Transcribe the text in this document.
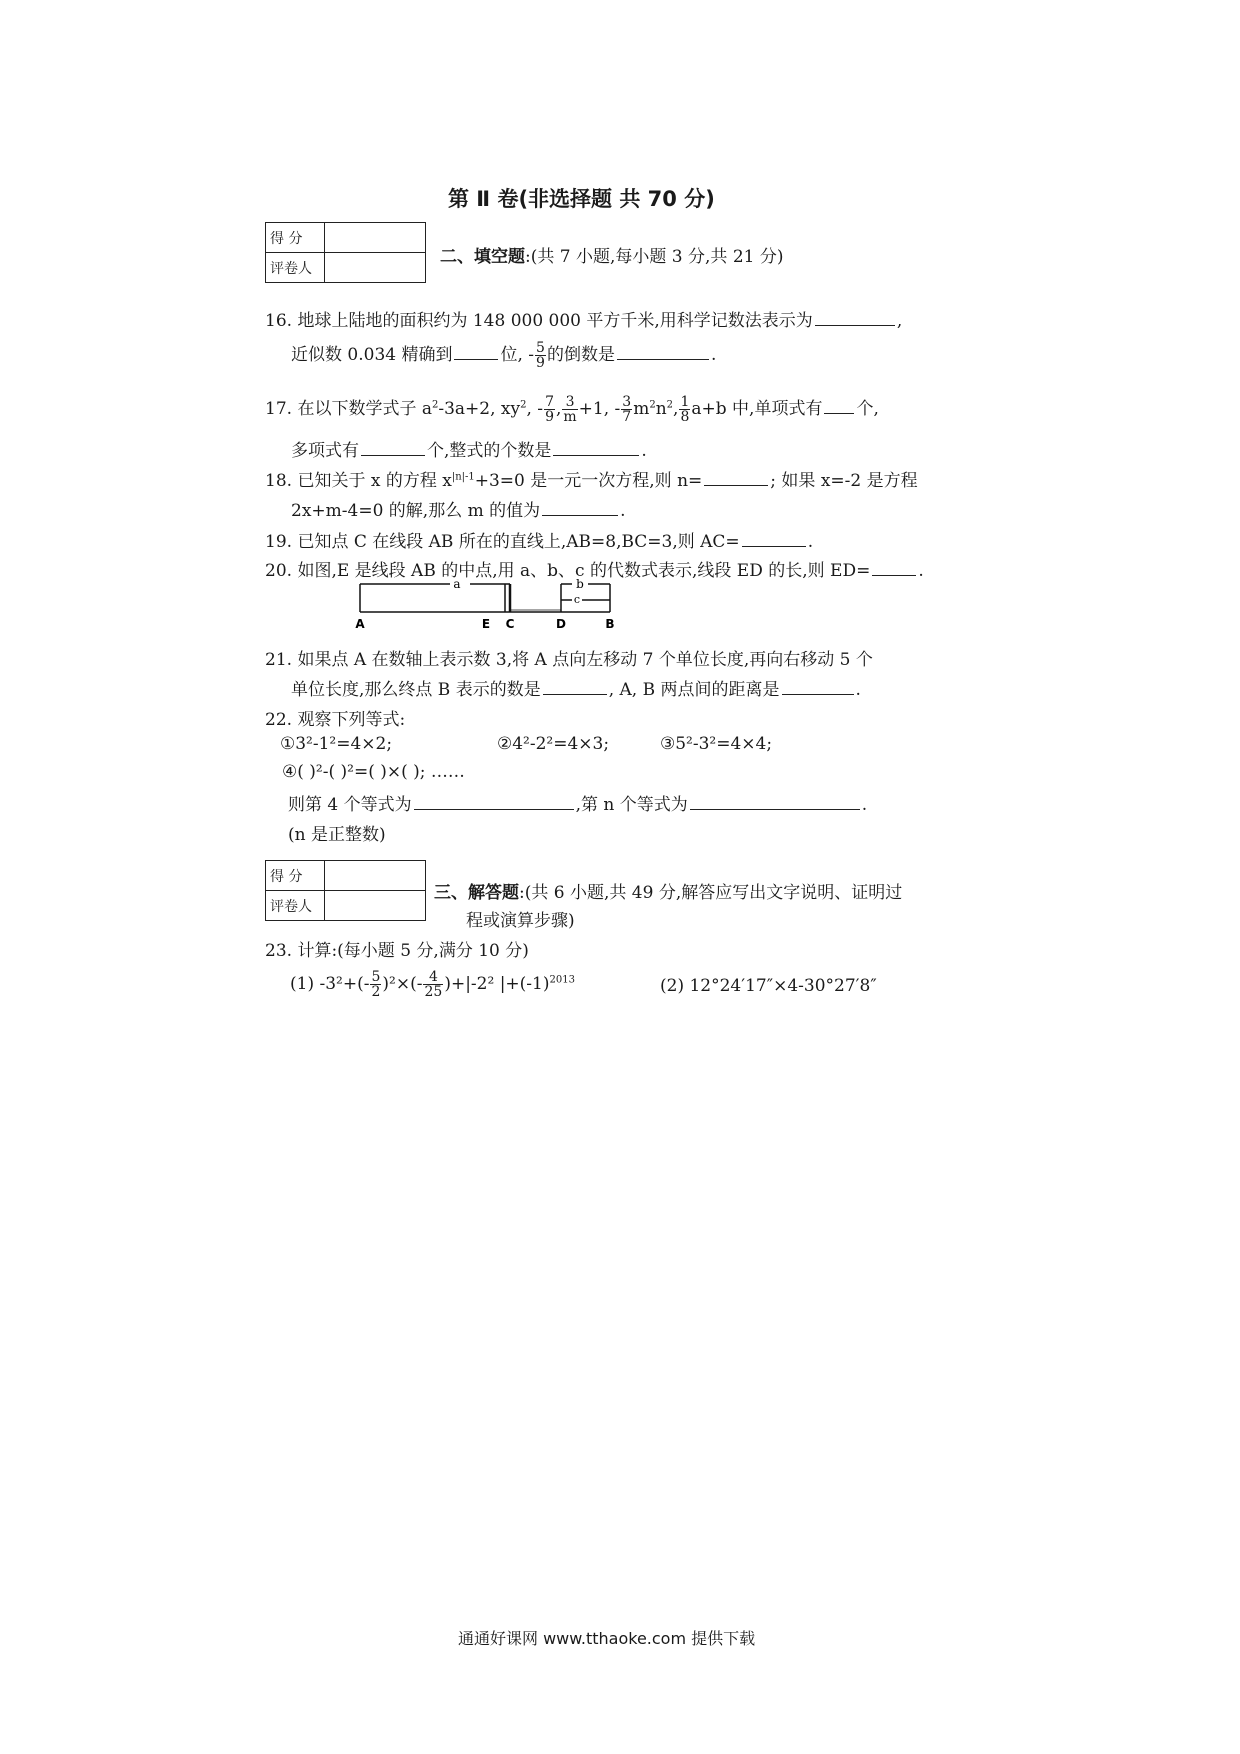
第 Ⅱ 卷(非选择题 共 70 分)
得 分	
评卷人	
二、填空题:(共 7 小题,每小题 3 分,共 21 分)
16. 地球上陆地的面积约为 148 000 000 平方千米,用科学记数法表示为	,
近似数 0.034 精确到	位, - $\frac{5}{9}$ 的倒数是	.
17. 在以下数学式子 $a^2-3a+2$, $xy^2$, - $\frac{7}{9}$ , $\frac{3}{m} +1$, - $\frac{3}{7} m^2n^2$, $\frac{1}{8} a+b$ 中,单项式有 个,
多项式有	个,整式的个数是	.
18. 已知关于 x 的方程 $x^{|n|-1}+3=0$ 是一元一次方程,则 n=	; 如果 x=-2 是方程
2x+m-4=0 的解,那么 m 的值为	.
19. 已知点 C 在线段 AB 所在的直线上,AB=8,BC=3,则 AC=	.
20. 如图,E 是线段 AB 的中点,用 a、b、c 的代数式表示,线段 ED 的长,则 ED=	.
a	b
c
A	E C	D	B
21. 如果点 A 在数轴上表示数 3,将 A 点向左移动 7 个单位长度,再向右移动 5 个
单位长度,那么终点 B 表示的数是	, A, B 两点间的距离是	.
22. 观察下列等式:
①3²-1²=4×2;	②4²-2²=4×3;	③5²-3²=4×4;
④( )²-( )²=( )×( ); ……
则第 4 个等式为	,第 n 个等式为	.
(n 是正整数)
得 分	
评卷人	
三、解答题:(共 6 小题,共 49 分,解答应写出文字说明、证明过
程或演算步骤)
23. 计算:(每小题 5 分,满分 10 分)
(1) $-3^2+(- \frac{5}{2} )^2\times(- \frac{4}{25} )+|-2^2$ $|+(-1)^{2013}$	(2) 12°24′17″×4-30°27′8″
通通好课网 www.tthaoke.com 提供下载
